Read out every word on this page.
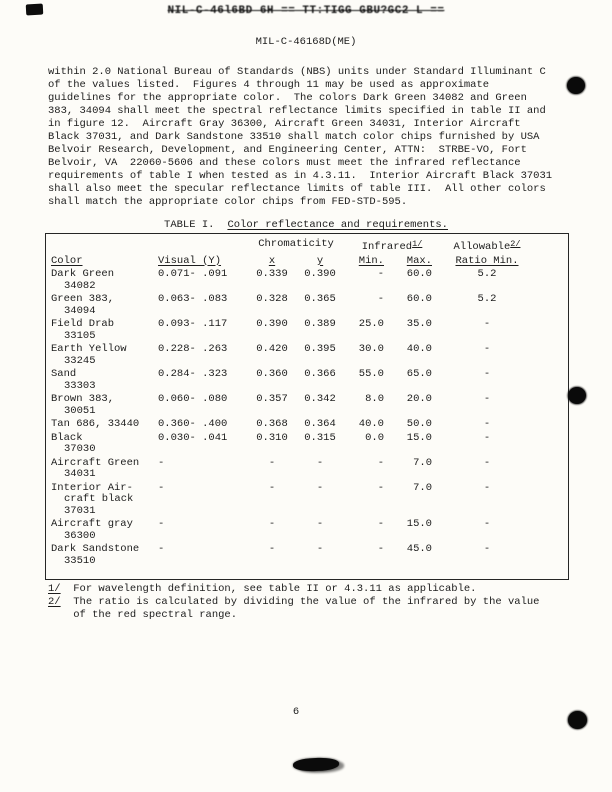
NIL-C-46l6BD 6H == TT:TIGG GBU?GC2 L ==
MIL-C-46168D(ME)
within 2.0 National Bureau of Standards (NBS) units under Standard Illuminant C
of the values listed.  Figures 4 through 11 may be used as approximate
guidelines for the appropriate color.  The colors Dark Green 34082 and Green
383, 34094 shall meet the spectral reflectance limits specified in table II and
in figure 12.  Aircraft Gray 36300, Aircraft Green 34031, Interior Aircraft
Black 37031, and Dark Sandstone 33510 shall match color chips furnished by USA
Belvoir Research, Development, and Engineering Center, ATTN:  STRBE-VO, Fort
Belvoir, VA  22060-5606 and these colors must meet the infrared reflectance
requirements of table I when tested as in 4.3.11.  Interior Aircraft Black 37031
shall also meet the specular reflectance limits of table III.  All other colors
shall match the appropriate color chips from FED-STD-595.
TABLE I. Color reflectance and requirements.
		Chromaticity		Infrared$^{1/}$		Allowable$^{2/}$
Color	Visual (Y)	x	y	Min.	Max.	Ratio Min.
Dark Green
34082	0.071- .091	0.339	0.390	-	60.0	5.2
Green 383,
34094	0.063- .083	0.328	0.365	-	60.0	5.2
Field Drab
33105	0.093- .117	0.390	0.389	25.0	35.0	-
Earth Yellow
33245	0.228- .263	0.420	0.395	30.0	40.0	-
Sand
33303	0.284- .323	0.360	0.366	55.0	65.0	-
Brown 383,
30051	0.060- .080	0.357	0.342	8.0	20.0	-
Tan 686, 33440	0.360- .400	0.368	0.364	40.0	50.0	-
Black
37030	0.030- .041	0.310	0.315	0.0	15.0	-
Aircraft Green
34031	-	-	-	-	7.0	-
Interior Air-
craft black
37031	-	-	-	-	7.0	-
Aircraft gray
36300	-	-	-	-	15.0	-
Dark Sandstone
33510	-	-	-	-	45.0	-
1/  For wavelength definition, see table II or 4.3.11 as applicable.
2/  The ratio is calculated by dividing the value of the infrared by the value
of the red spectral range.
6
